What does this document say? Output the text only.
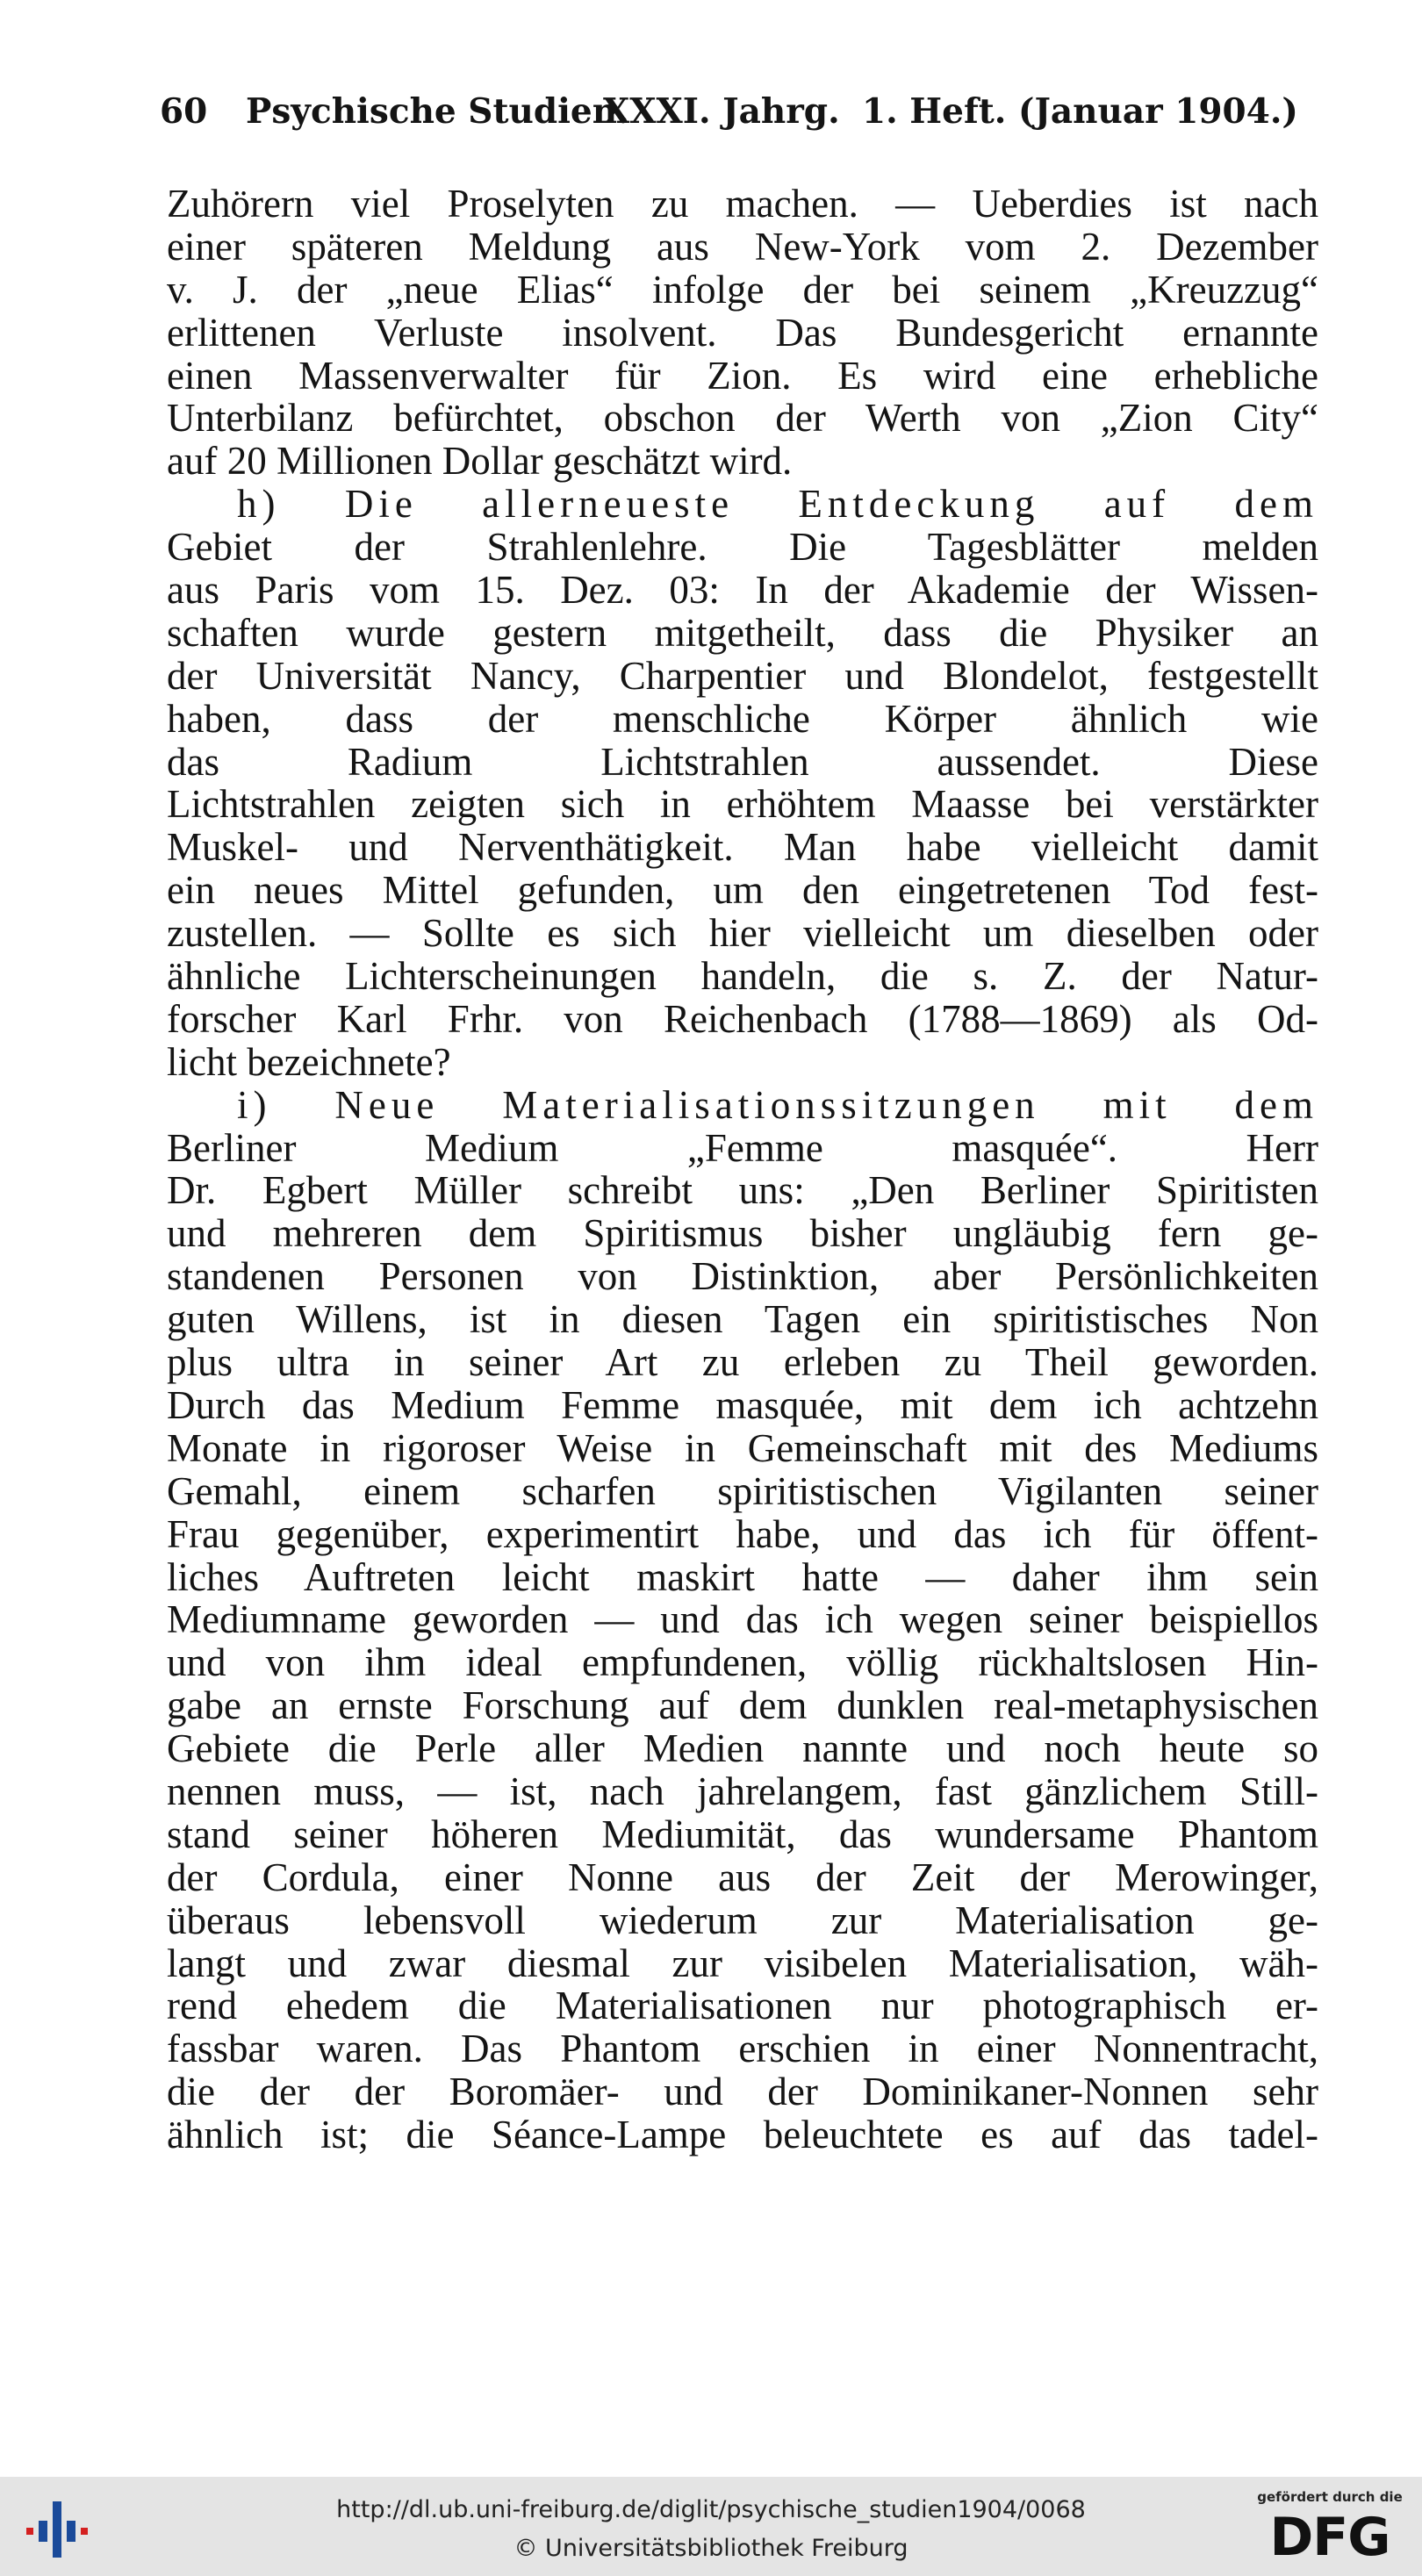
60 Psychische Studien.
XXXI. Jahrg. 1. Heft. (Januar 1904.)
Zuhörern viel Proselyten zu machen. — Ueberdies ist nach
einer späteren Meldung aus New-York vom 2. Dezember
v. J. der „neue Elias“ infolge der bei seinem „Kreuzzug“
erlittenen Verluste insolvent. Das Bundesgericht ernannte
einen Massenverwalter für Zion. Es wird eine erhebliche
Unterbilanz befürchtet, obschon der Werth von „Zion City“
auf 20 Millionen Dollar geschätzt wird.
h) Die allerneueste Entdeckung auf dem
Gebiet der Strahlenlehre. Die Tagesblätter melden
aus Paris vom 15. Dez. 03: In der Akademie der Wissen-
schaften wurde gestern mitgetheilt, dass die Physiker an
der Universität Nancy, Charpentier und Blondelot, festgestellt
haben, dass der menschliche Körper ähnlich wie
das Radium Lichtstrahlen aussendet. Diese
Lichtstrahlen zeigten sich in erhöhtem Maasse bei verstärkter
Muskel- und Nerventhätigkeit. Man habe vielleicht damit
ein neues Mittel gefunden, um den eingetretenen Tod fest-
zustellen. — Sollte es sich hier vielleicht um dieselben oder
ähnliche Lichterscheinungen handeln, die s. Z. der Natur-
forscher Karl Frhr. von Reichenbach (1788—1869) als Od-
licht bezeichnete?
i) Neue Materialisationssitzungen mit dem
Berliner Medium „Femme masquée“. Herr
Dr. Egbert Müller schreibt uns: „Den Berliner Spiritisten
und mehreren dem Spiritismus bisher ungläubig fern ge-
standenen Personen von Distinktion, aber Persönlichkeiten
guten Willens, ist in diesen Tagen ein spiritistisches Non
plus ultra in seiner Art zu erleben zu Theil geworden.
Durch das Medium Femme masquée, mit dem ich achtzehn
Monate in rigoroser Weise in Gemeinschaft mit des Mediums
Gemahl, einem scharfen spiritistischen Vigilanten seiner
Frau gegenüber, experimentirt habe, und das ich für öffent-
liches Auftreten leicht maskirt hatte — daher ihm sein
Mediumname geworden — und das ich wegen seiner beispiellos
und von ihm ideal empfundenen, völlig rückhaltslosen Hin-
gabe an ernste Forschung auf dem dunklen real-metaphysischen
Gebiete die Perle aller Medien nannte und noch heute so
nennen muss, — ist, nach jahrelangem, fast gänzlichem Still-
stand seiner höheren Mediumität, das wundersame Phantom
der Cordula, einer Nonne aus der Zeit der Merowinger,
überaus lebensvoll wiederum zur Materialisation ge-
langt und zwar diesmal zur visibelen Materialisation, wäh-
rend ehedem die Materialisationen nur photographisch er-
fassbar waren. Das Phantom erschien in einer Nonnentracht,
die der der Boromäer- und der Dominikaner-Nonnen sehr
ähnlich ist; die Séance-Lampe beleuchtete es auf das tadel-
http://dl.ub.uni-freiburg.de/diglit/psychische_studien1904/0068
© Universitätsbibliothek Freiburg
gefördert durch die
DFG
